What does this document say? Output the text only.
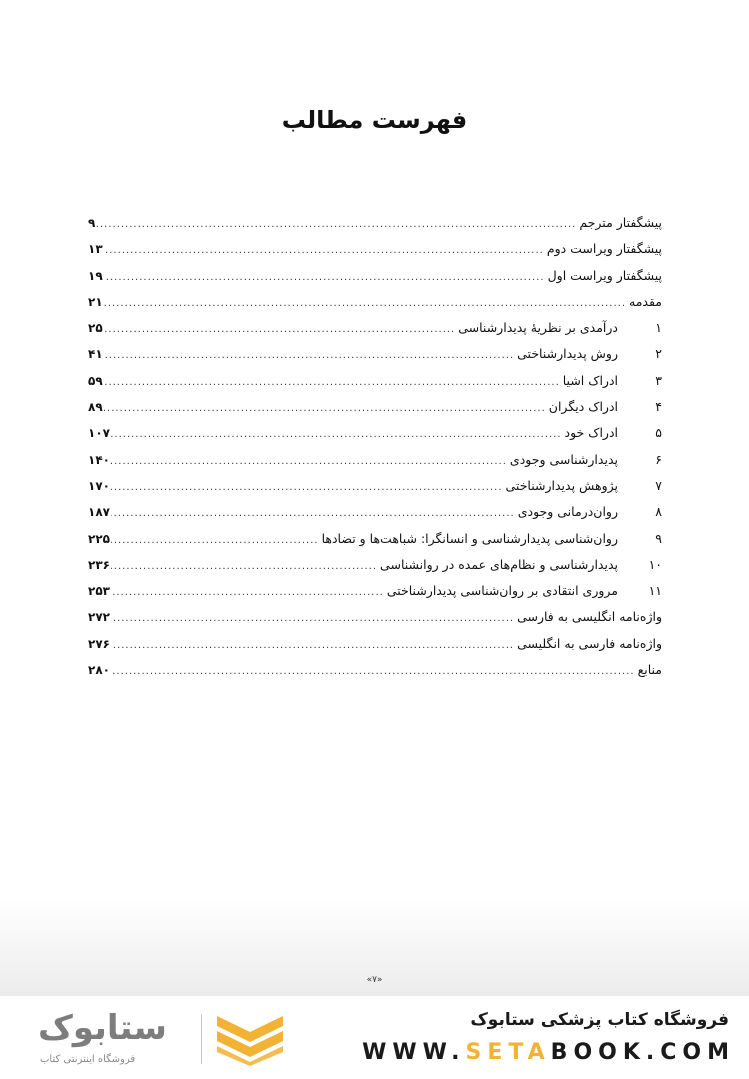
فهرست مطالب
پیشگفتار مترجم
.....
۹
پیشگفتار ویراست دوم
.....
۱۳
پیشگفتار ویراست اول
.....
۱۹
مقدمه
.....
۲۱
۱
درآمدی بر نظریهٔ پدیدارشناسی
.....
۲۵
۲
روش پدیدارشناختی
.....
۴۱
۳
ادراک اشیا
.....
۵۹
۴
ادراک دیگران
.....
۸۹
۵
ادراک خود
.....
۱۰۷
۶
پدیدارشناسی وجودی
.....
۱۴۰
۷
پژوهش پدیدارشناختی
.....
۱۷۰
۸
روان‌درمانی وجودی
.....
۱۸۷
۹
روان‌شناسی پدیدارشناسی و انسانگرا: شباهت‌ها و تضادها
.....
۲۲۵
۱۰
پدیدارشناسی و نظام‌های عمده در روانشناسی
.....
۲۳۶
۱۱
مروری انتقادی بر روان‌شناسی پدیدارشناختی
.....
۲۵۳
واژه‌نامه انگلیسی به فارسی
.....
۲۷۲
واژه‌نامه فارسی به انگلیسی
.....
۲۷۶
منابع
.....
۲۸۰
«۷»
فروشگاه کتاب پزشکی ستابوک
WWW.SETABOOK.COM
ستابوک
فروشگاه اینترنتی کتاب
